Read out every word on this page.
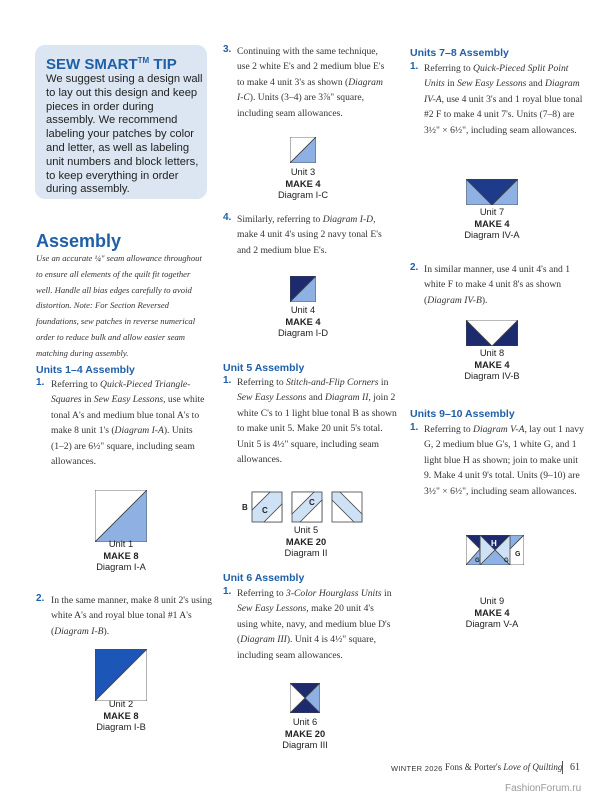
SEW SMART™ TIP
We suggest using a design wall to lay out this design and keep pieces in order during assembly. We recommend labeling your patches by color and letter, as well as labeling unit numbers and block letters, to keep everything in order during assembly.
Assembly
Use an accurate ¼" seam allowance throughout to ensure all elements of the quilt fit together well. Handle all bias edges carefully to avoid distortion. Note: For Section Reversed foundations, sew patches in reverse numerical order to reduce bulk and allow easier seam matching during assembly.
Units 1–4 Assembly
1. Referring to Quick-Pieced Triangle-Squares in Sew Easy Lessons, use white tonal A's and medium blue tonal A's to make 8 unit 1's (Diagram I-A). Units (1–2) are 6½" square, including seam allowances.
Unit 1
MAKE 8
Diagram I-A
2. In the same manner, make 8 unit 2's using white A's and royal blue tonal #1 A's (Diagram I-B).
Unit 2
MAKE 8
Diagram I-B
3. Continuing with the same technique, use 2 white E's and 2 medium blue E's to make 4 unit 3's as shown (Diagram I-C). Units (3–4) are 3⅞" square, including seam allowances.
Unit 3
MAKE 4
Diagram I-C
4. Similarly, referring to Diagram I-D, make 4 unit 4's using 2 navy tonal E's and 2 medium blue E's.
Unit 4
MAKE 4
Diagram I-D
Unit 5 Assembly
1. Referring to Stitch-and-Flip Corners in Sew Easy Lessons and Diagram II, join 2 white C's to 1 light blue tonal B as shown to make unit 5. Make 20 unit 5's total. Unit 5 is 4½" square, including seam allowances.
B C
C
Unit 5
MAKE 20
Diagram II
Unit 6 Assembly
1. Referring to 3-Color Hourglass Units in Sew Easy Lessons, make 20 unit 4's using white, navy, and medium blue D's (Diagram III). Unit 4 is 4½" square, including seam allowances.
Unit 6
MAKE 20
Diagram III
Units 7–8 Assembly
1. Referring to Quick-Pieced Split Point Units in Sew Easy Lessons and Diagram IV-A, use 4 unit 3's and 1 royal blue tonal #2 F to make 4 unit 7's. Units (7–8) are 3½" × 6½", including seam allowances.
Unit 7
MAKE 4
Diagram IV-A
2. In similar manner, use 4 unit 4's and 1 white F to make 4 unit 8's as shown (Diagram IV-B).
Unit 8
MAKE 4
Diagram IV-B
Units 9–10 Assembly
1. Referring to Diagram V-A, lay out 1 navy G, 2 medium blue G's, 1 white G, and 1 light blue H as shown; join to make unit 9. Make 4 unit 9's total. Units (9–10) are 3½" × 6½", including seam allowances.
G
G
H
G
G
Unit 9
MAKE 4
Diagram V-A
WINTER 2026 Fons & Porter's Love of Quilting 61
FashionForum.ru
